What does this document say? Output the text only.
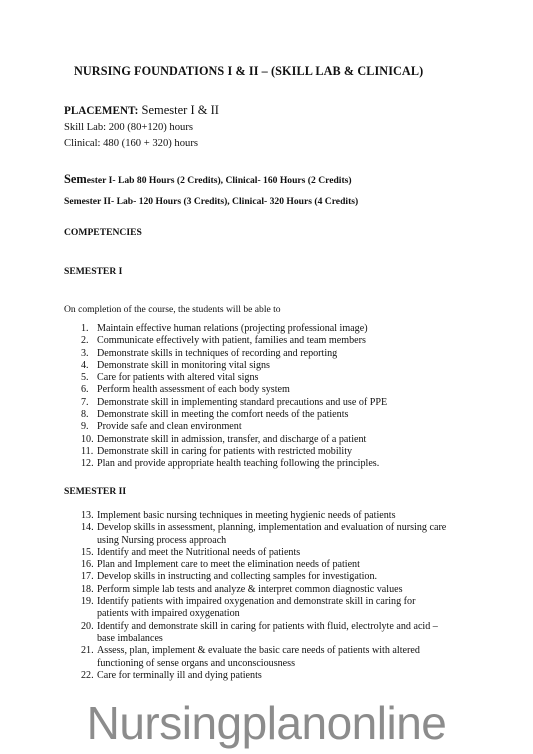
NURSING FOUNDATIONS I & II – (SKILL LAB & CLINICAL)
PLACEMENT: Semester I & II
Skill Lab: 200 (80+120) hours
Clinical: 480 (160 + 320) hours
Semester I- Lab 80 Hours (2 Credits), Clinical- 160 Hours (2 Credits)
Semester II- Lab- 120 Hours (3 Credits), Clinical- 320 Hours (4 Credits)
COMPETENCIES
SEMESTER I
On completion of the course, the students will be able to
1. Maintain effective human relations (projecting professional image)
2. Communicate effectively with patient, families and team members
3. Demonstrate skills in techniques of recording and reporting
4. Demonstrate skill in monitoring vital signs
5. Care for patients with altered vital signs
6. Perform health assessment of each body system
7. Demonstrate skill in implementing standard precautions and use of PPE
8. Demonstrate skill in meeting the comfort needs of the patients
9. Provide safe and clean environment
10. Demonstrate skill in admission, transfer, and discharge of a patient
11. Demonstrate skill in caring for patients with restricted mobility
12. Plan and provide appropriate health teaching following the principles.
SEMESTER II
13. Implement basic nursing techniques in meeting hygienic needs of patients
14. Develop skills in assessment, planning, implementation and evaluation of nursing care
using Nursing process approach
15. Identify and meet the Nutritional needs of patients
16. Plan and Implement care to meet the elimination needs of patient
17. Develop skills in instructing and collecting samples for investigation.
18. Perform simple lab tests and analyze & interpret common diagnostic values
19. Identify patients with impaired oxygenation and demonstrate skill in caring for
patients with impaired oxygenation
20. Identify and demonstrate skill in caring for patients with fluid, electrolyte and acid –
base imbalances
21. Assess, plan, implement & evaluate the basic care needs of patients with altered
functioning of sense organs and unconsciousness
22. Care for terminally ill and dying patients
Nursingplanonline
